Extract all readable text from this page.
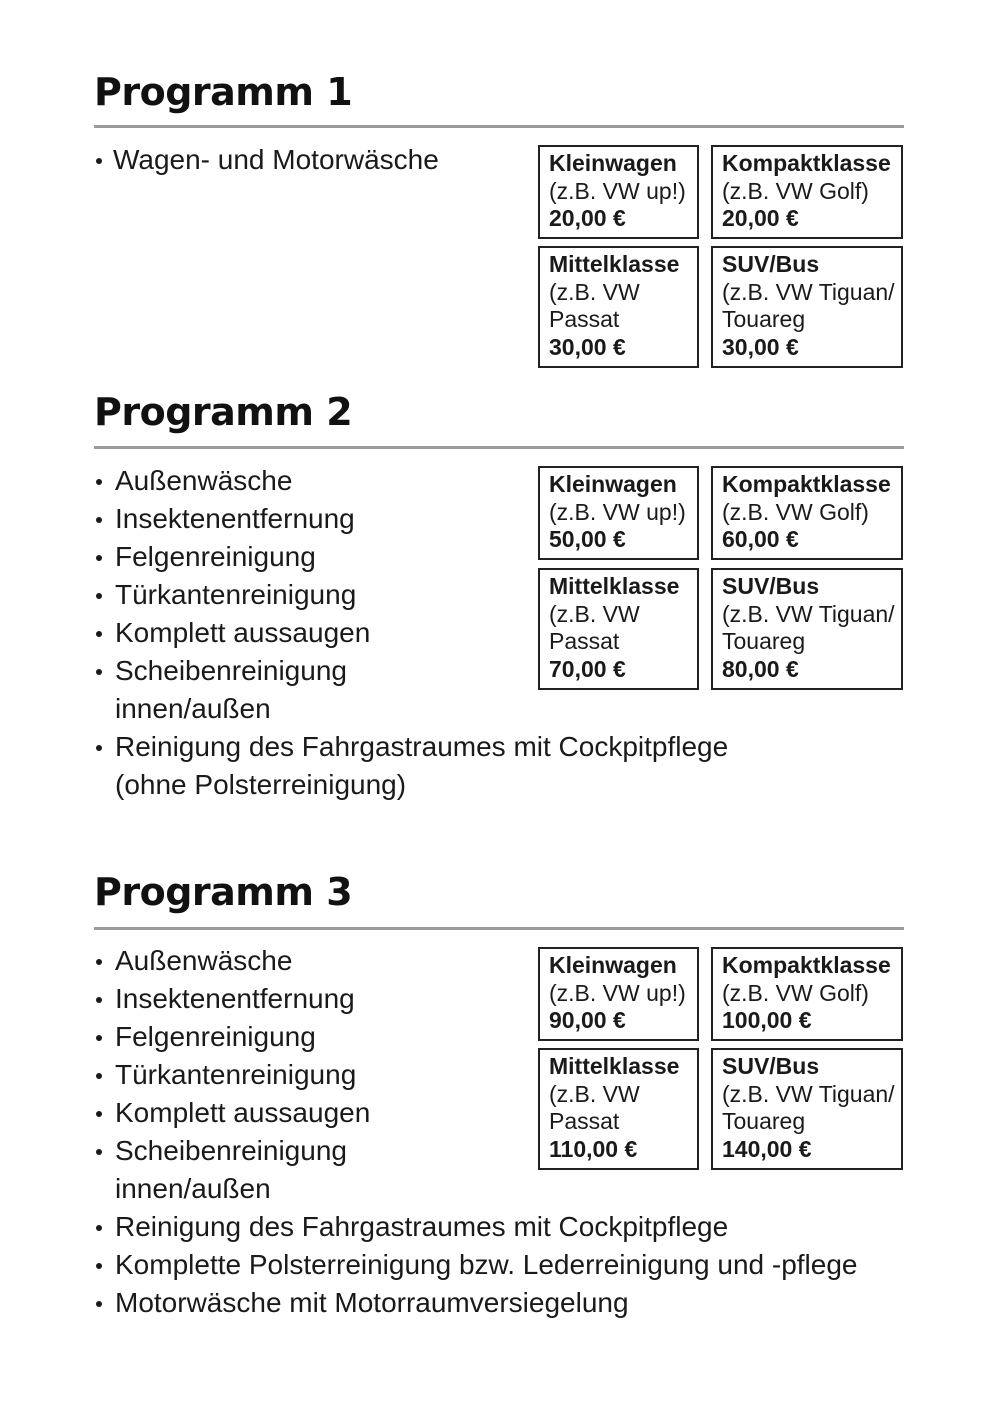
Programm 1
Wagen- und Motorwäsche	Kleinwagen
(z.B. VW up!)
20,00 €
Kompaktklasse
(z.B. VW Golf)
20,00 €
Mittelklasse
(z.B. VW
Passat
30,00 €
SUV/Bus
(z.B. VW Tiguan/
Touareg
30,00 €
Programm 2
Außenwäsche
Insektenentfernung
Felgenreinigung
Türkantenreinigung
Komplett aussaugen
Scheibenreinigung
innen/außen
Reinigung des Fahrgastraumes mit Cockpitpflege
(ohne Polsterreinigung)
Kleinwagen
(z.B. VW up!)
50,00 €
Kompaktklasse
(z.B. VW Golf)
60,00 €
Mittelklasse
(z.B. VW
Passat
70,00 €
SUV/Bus
(z.B. VW Tiguan/
Touareg
80,00 €
Programm 3
Außenwäsche
Insektenentfernung
Felgenreinigung
Türkantenreinigung
Komplett aussaugen
Scheibenreinigung
innen/außen
Reinigung des Fahrgastraumes mit Cockpitpflege
Komplette Polsterreinigung bzw. Lederreinigung und -pflege
Motorwäsche mit Motorraumversiegelung
Kleinwagen
(z.B. VW up!)
90,00 €
Kompaktklasse
(z.B. VW Golf)
100,00 €
Mittelklasse
(z.B. VW
Passat
110,00 €
SUV/Bus
(z.B. VW Tiguan/
Touareg
140,00 €
